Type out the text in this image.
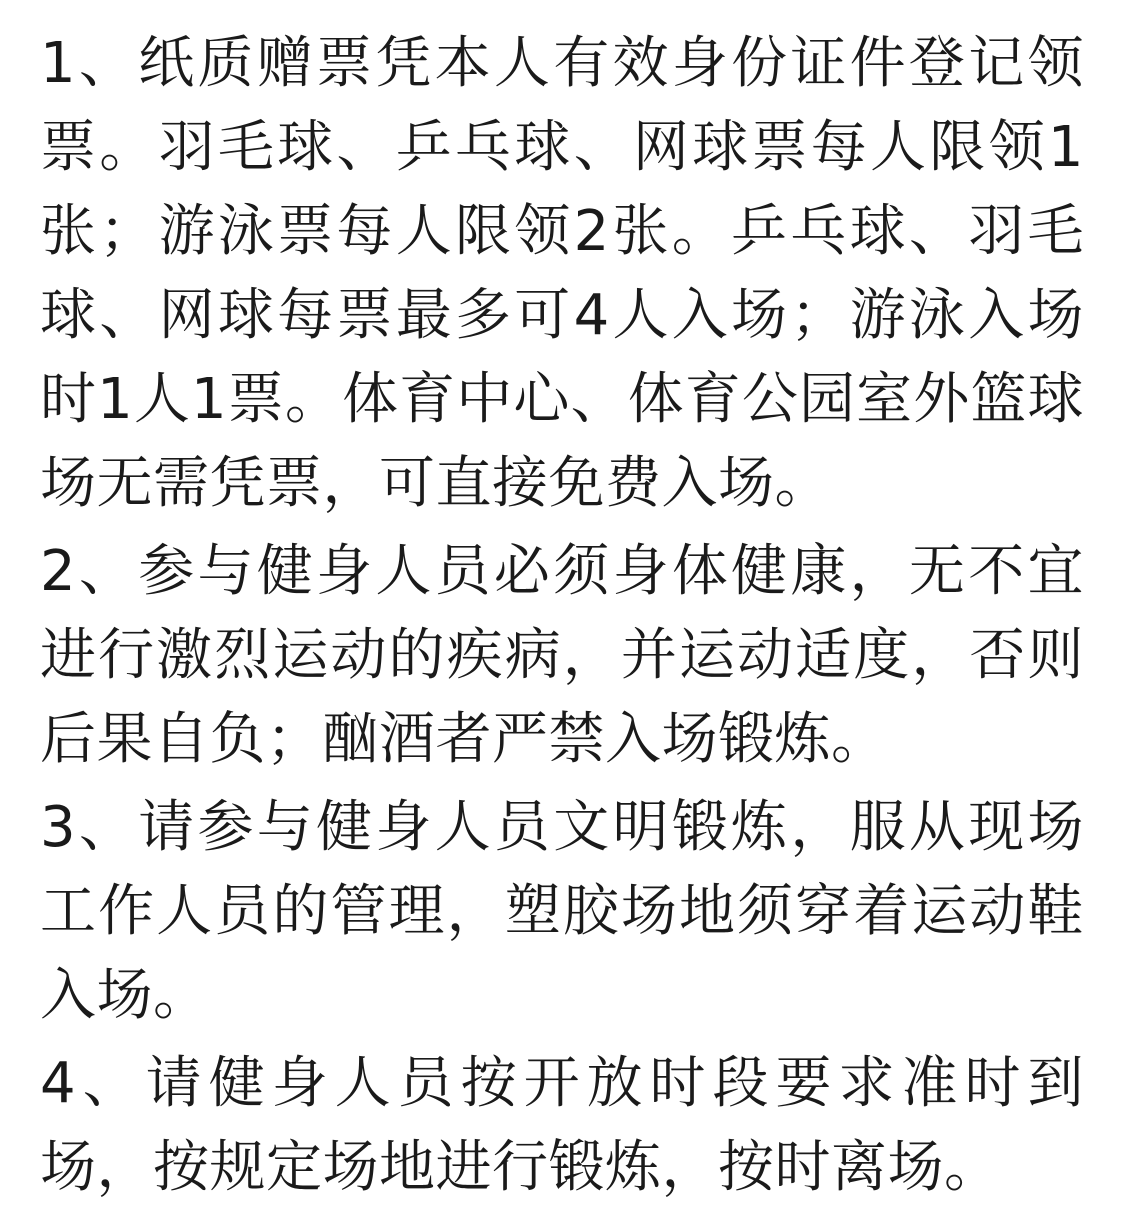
1、纸质赠票凭本人有效身份证件登记领票。羽毛球、乒乓球、网球票每人限领1张；游泳票每人限领2张。乒乓球、羽毛球、网球每票最多可4人入场；游泳入场时1人1票。体育中心、体育公园室外篮球场无需凭票，可直接免费入场。
2、参与健身人员必须身体健康，无不宜进行激烈运动的疾病，并运动适度，否则后果自负；酗酒者严禁入场锻炼。
3、请参与健身人员文明锻炼，服从现场工作人员的管理，塑胶场地须穿着运动鞋入场。
4、请健身人员按开放时段要求准时到场，按规定场地进行锻炼，按时离场。
